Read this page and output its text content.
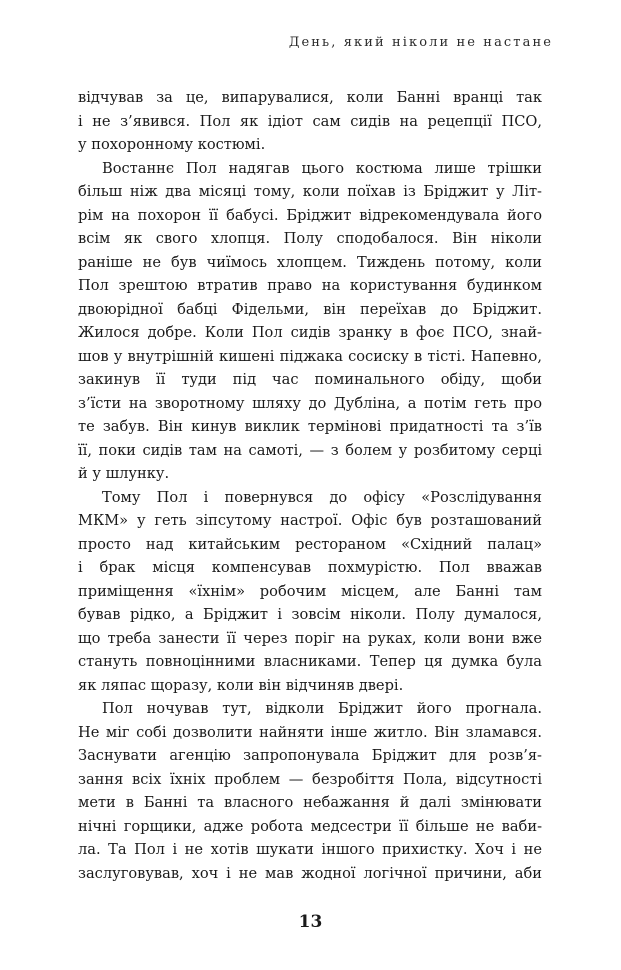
День, який ніколи не настане
відчував за це, випарувалися, коли Банні вранці так
і не з’явився. Пол як ідіот сам сидів на рецепції ПСО,
у похоронному костюмі.
Востаннє Пол надягав цього костюма лише трішки
більш ніж два місяці тому, коли поїхав із Бріджит у Літ-
рім на похорон її бабусі. Бріджит відрекомендувала його
всім як свого хлопця. Полу сподобалося. Він ніколи
раніше не був чиїмось хлопцем. Тиждень потому, коли
Пол зрештою втратив право на користування будинком
двоюрідної бабці Фідельми, він переїхав до Бріджит.
Жилося добре. Коли Пол сидів зранку в фоє ПСО, знай-
шов у внутрішній кишені піджака сосиску в тісті. Напевно,
закинув її туди під час поминального обіду, щоби
з’їсти на зворотному шляху до Дубліна, а потім геть про
те забув. Він кинув виклик терміновi придатності та з’їв
її, поки сидів там на самоті, — з болем у розбитому серці
й у шлунку.
Тому Пол і повернувся до офісу «Розслідування
МКМ» у геть зіпсутому настрої. Офіс був розташований
просто над китайським рестораном «Східний палац»
і брак місця компенсував похмурістю. Пол вважав
приміщення «їхнім» робочим місцем, але Банні там
бував рідко, а Бріджит і зовсім ніколи. Полу думалося,
що треба занести її через поріг на руках, коли вони вже
стануть повноцінними власниками. Тепер ця думка була
як ляпас щоразу, коли він відчиняв двері.
Пол ночував тут, відколи Бріджит його прогнала.
Не міг собі дозволити найняти інше житло. Він зламався.
Заснувати агенцію запропонувала Бріджит для розв’я-
зання всіх їхніх проблем — безробіття Пола, відсутності
мети в Банні та власного небажання й далі змінювати
нічні горщики, адже робота медсестри її більше не ваби-
ла. Та Пол і не хотів шукати іншого прихистку. Хоч і не
заслуговував, хоч і не мав жодної логічної причини, аби
13
